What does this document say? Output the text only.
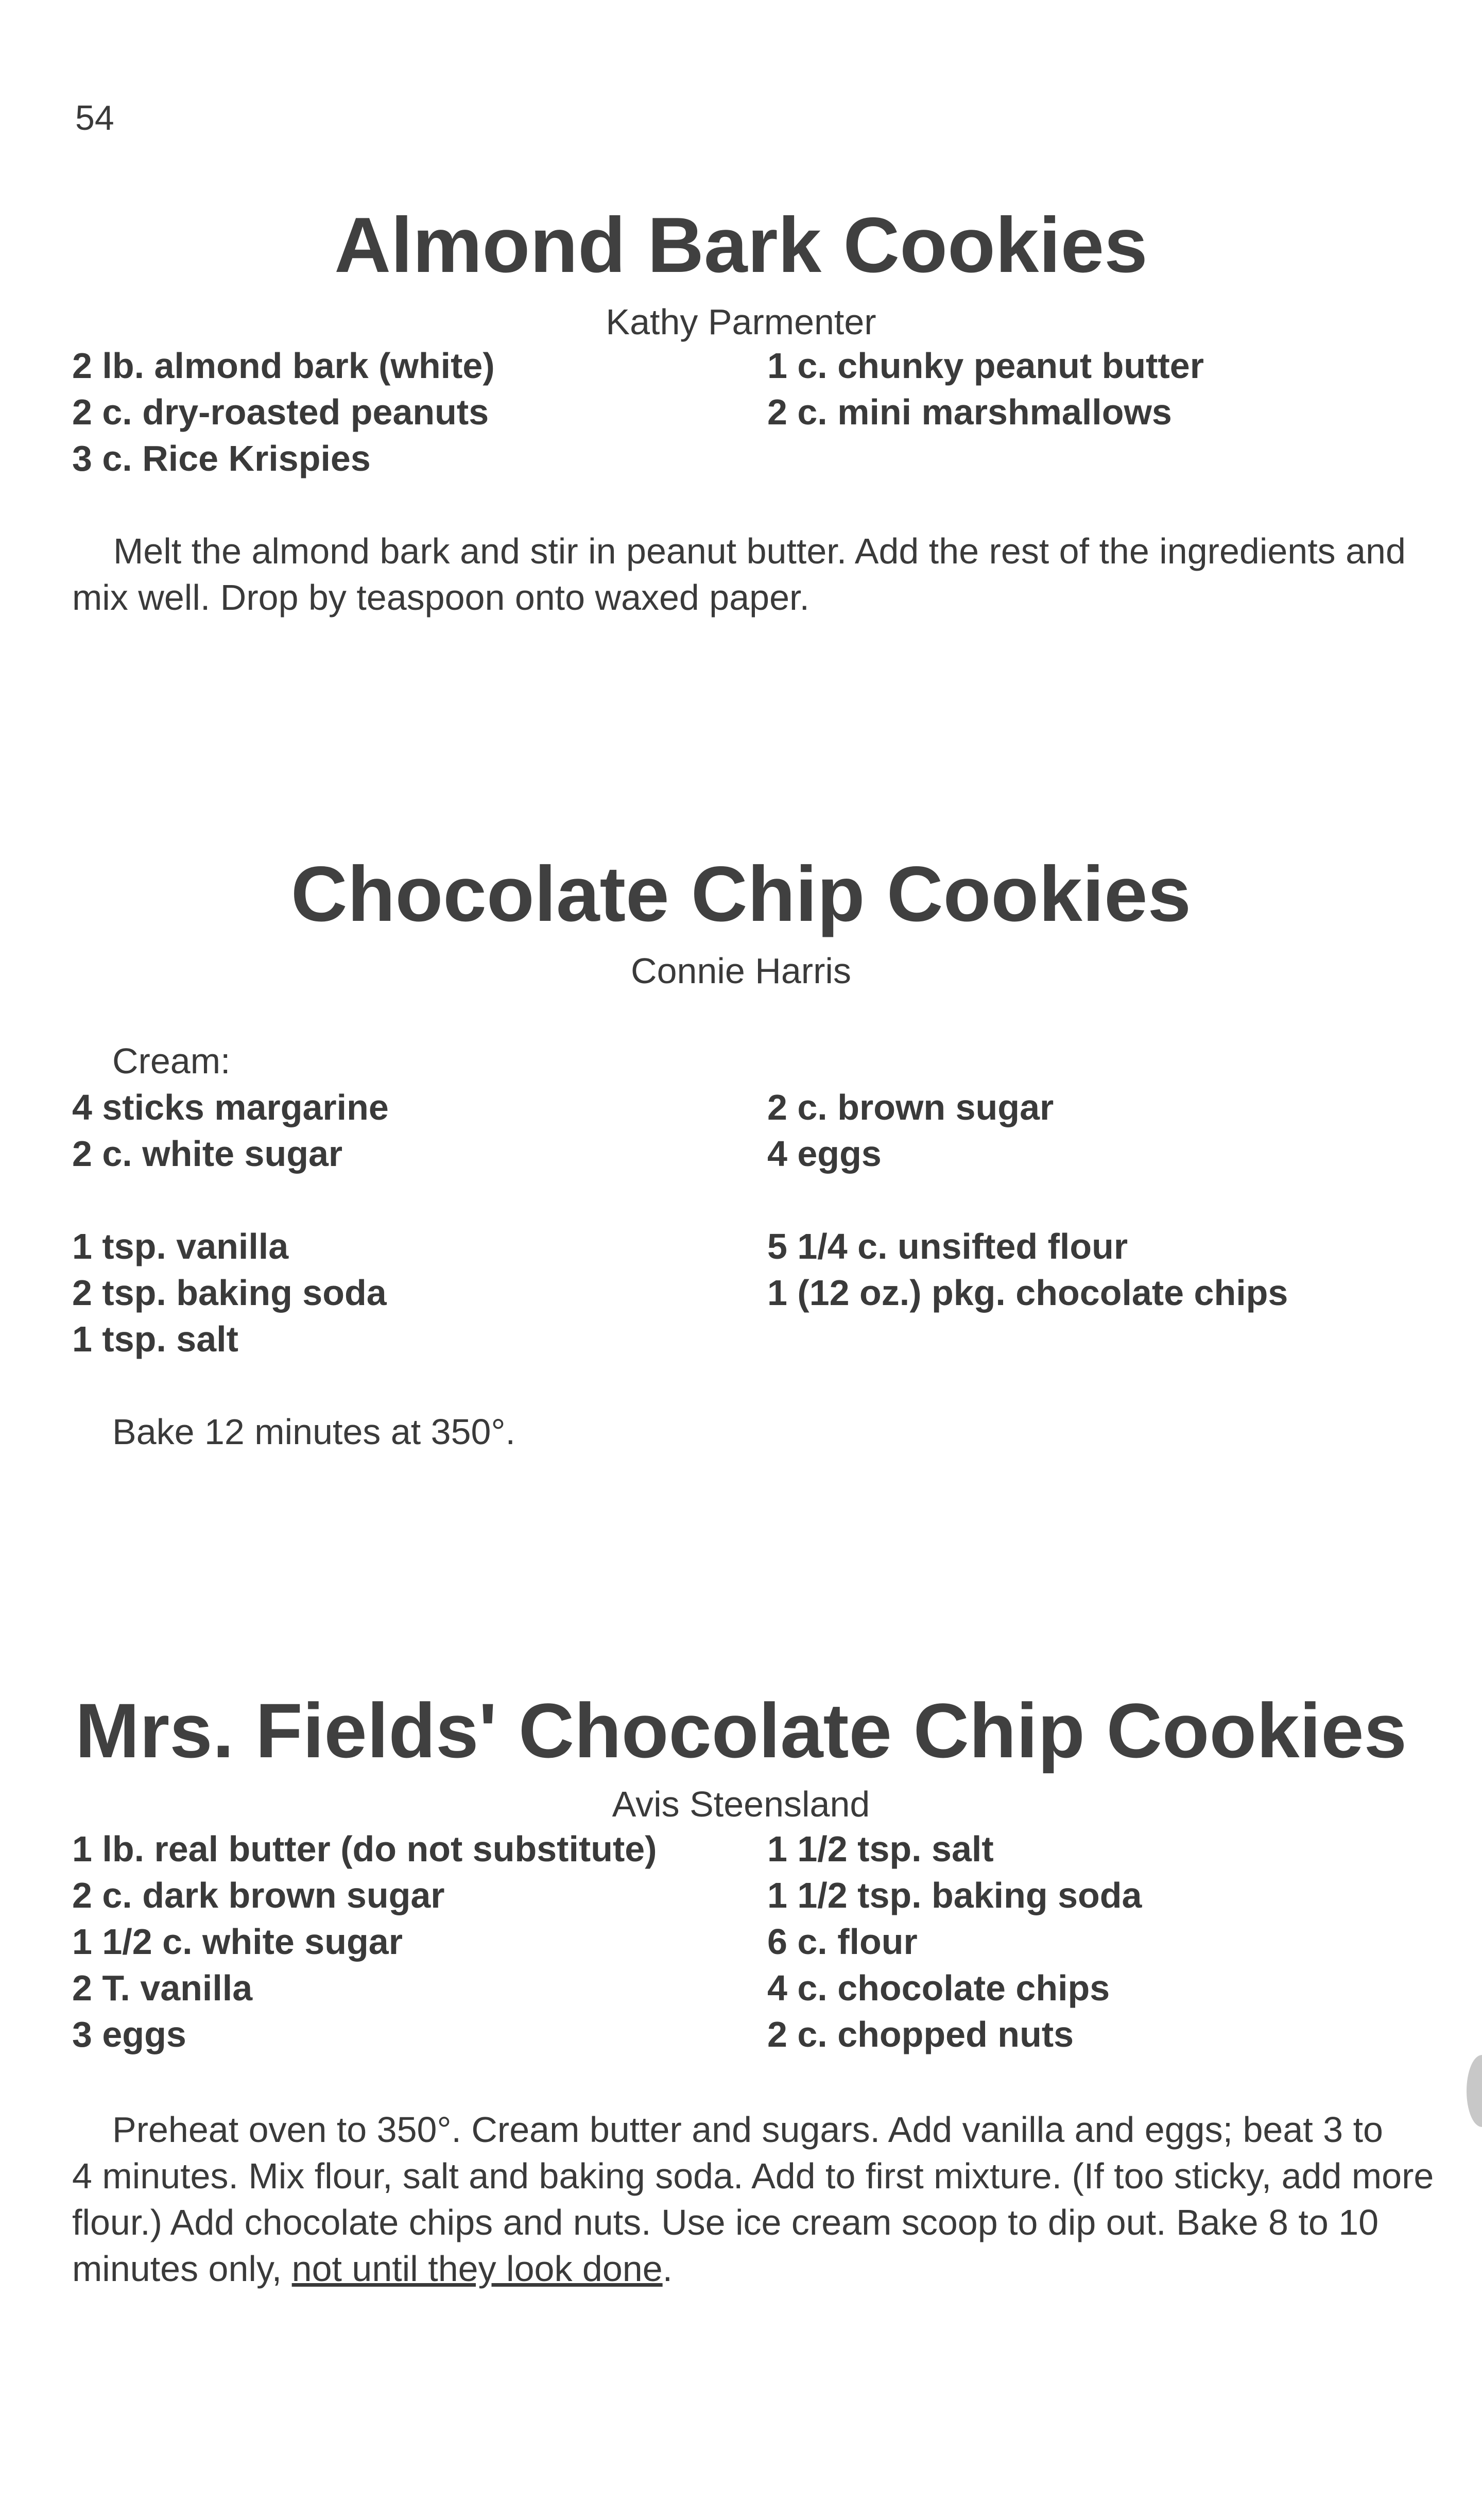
54
Almond Bark Cookies
Kathy Parmenter
2 lb. almond bark (white)
2 c. dry-roasted peanuts
3 c. Rice Krispies
1 c. chunky peanut butter
2 c. mini marshmallows
Melt the almond bark and stir in peanut butter. Add the rest of the ingredients and
mix well. Drop by teaspoon onto waxed paper.
Chocolate Chip Cookies
Connie Harris
Cream:
4 sticks margarine
2 c. white sugar
2 c. brown sugar
4 eggs
1 tsp. vanilla
2 tsp. baking soda
1 tsp. salt
5 1/4 c. unsifted flour
1 (12 oz.) pkg. chocolate chips
Bake 12 minutes at 350°.
Mrs. Fields' Chocolate Chip Cookies
Avis Steensland
1 lb. real butter (do not substitute)
2 c. dark brown sugar
1 1/2 c. white sugar
2 T. vanilla
3 eggs
1 1/2 tsp. salt
1 1/2 tsp. baking soda
6 c. flour
4 c. chocolate chips
2 c. chopped nuts
Preheat oven to 350°. Cream butter and sugars. Add vanilla and eggs; beat 3 to
4 minutes. Mix flour, salt and baking soda. Add to first mixture. (If too sticky, add more
flour.) Add chocolate chips and nuts. Use ice cream scoop to dip out. Bake 8 to 10
minutes only, not until they look done.
